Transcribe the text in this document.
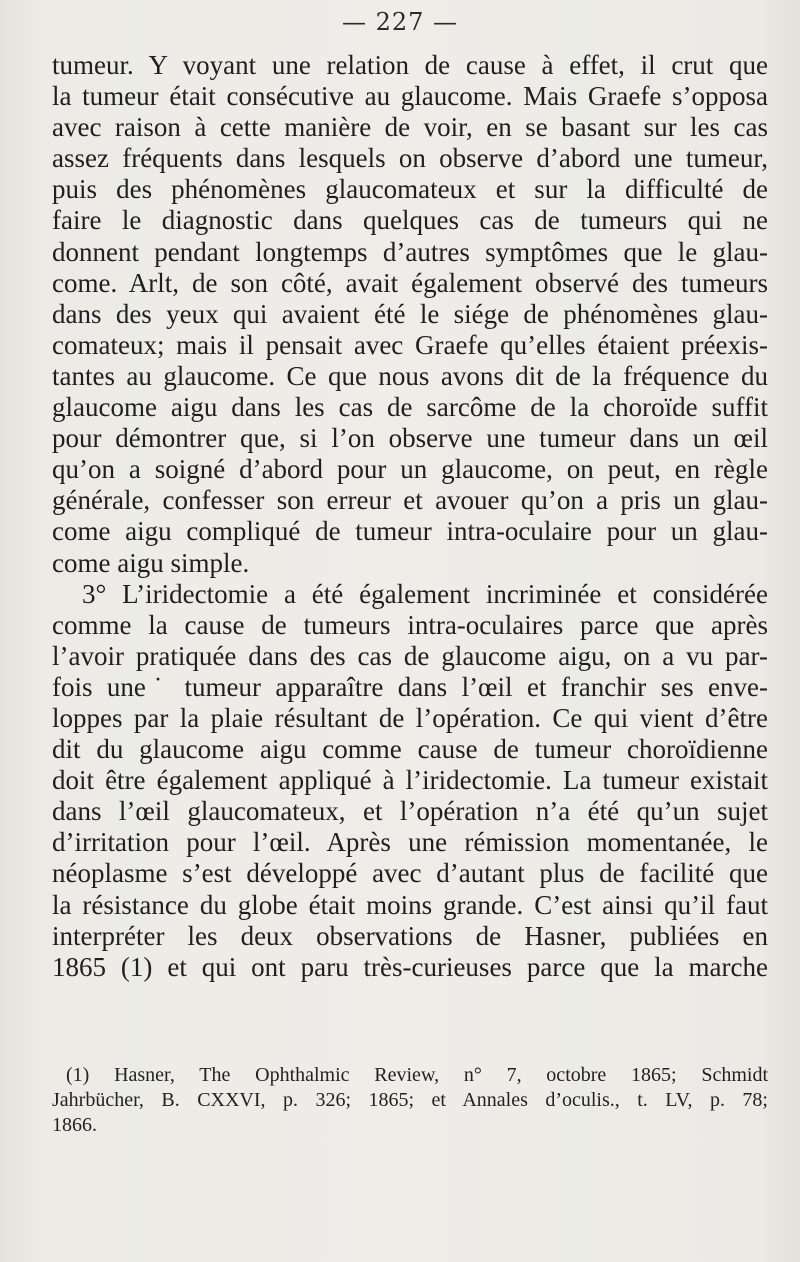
— 227 —
tumeur. Y voyant une relation de cause à effet, il crut que
la tumeur était consécutive au glaucome. Mais Graefe s’opposa
avec raison à cette manière de voir, en se basant sur les cas
assez fréquents dans lesquels on observe d’abord une tumeur,
puis des phénomènes glaucomateux et sur la difficulté de
faire le diagnostic dans quelques cas de tumeurs qui ne
donnent pendant longtemps d’autres symptômes que le glau-
come. Arlt, de son côté, avait également observé des tumeurs
dans des yeux qui avaient été le siége de phénomènes glau-
comateux; mais il pensait avec Graefe qu’elles étaient préexis-
tantes au glaucome. Ce que nous avons dit de la fréquence du
glaucome aigu dans les cas de sarcôme de la choroïde suffit
pour démontrer que, si l’on observe une tumeur dans un œil
qu’on a soigné d’abord pour un glaucome, on peut, en règle
générale, confesser son erreur et avouer qu’on a pris un glau-
come aigu compliqué de tumeur intra-oculaire pour un glau-
come aigu simple.
3° L’iridectomie a été également incriminée et considérée
comme la cause de tumeurs intra-oculaires parce que après
l’avoir pratiquée dans des cas de glaucome aigu, on a vu par-
fois une˙ tumeur apparaître dans l’œil et franchir ses enve-
loppes par la plaie résultant de l’opération. Ce qui vient d’être
dit du glaucome aigu comme cause de tumeur choroïdienne
doit être également appliqué à l’iridectomie. La tumeur existait
dans l’œil glaucomateux, et l’opération n’a été qu’un sujet
d’irritation pour l’œil. Après une rémission momentanée, le
néoplasme s’est développé avec d’autant plus de facilité que
la résistance du globe était moins grande. C’est ainsi qu’il faut
interpréter les deux observations de Hasner, publiées en
1865 (1) et qui ont paru très-curieuses parce que la marche
(1) Hasner, The Ophthalmic Review, n° 7, octobre 1865; Schmidt
Jahrbücher, B. CXXVI, p. 326; 1865; et Annales d’oculis., t. LV, p. 78;
1866.
